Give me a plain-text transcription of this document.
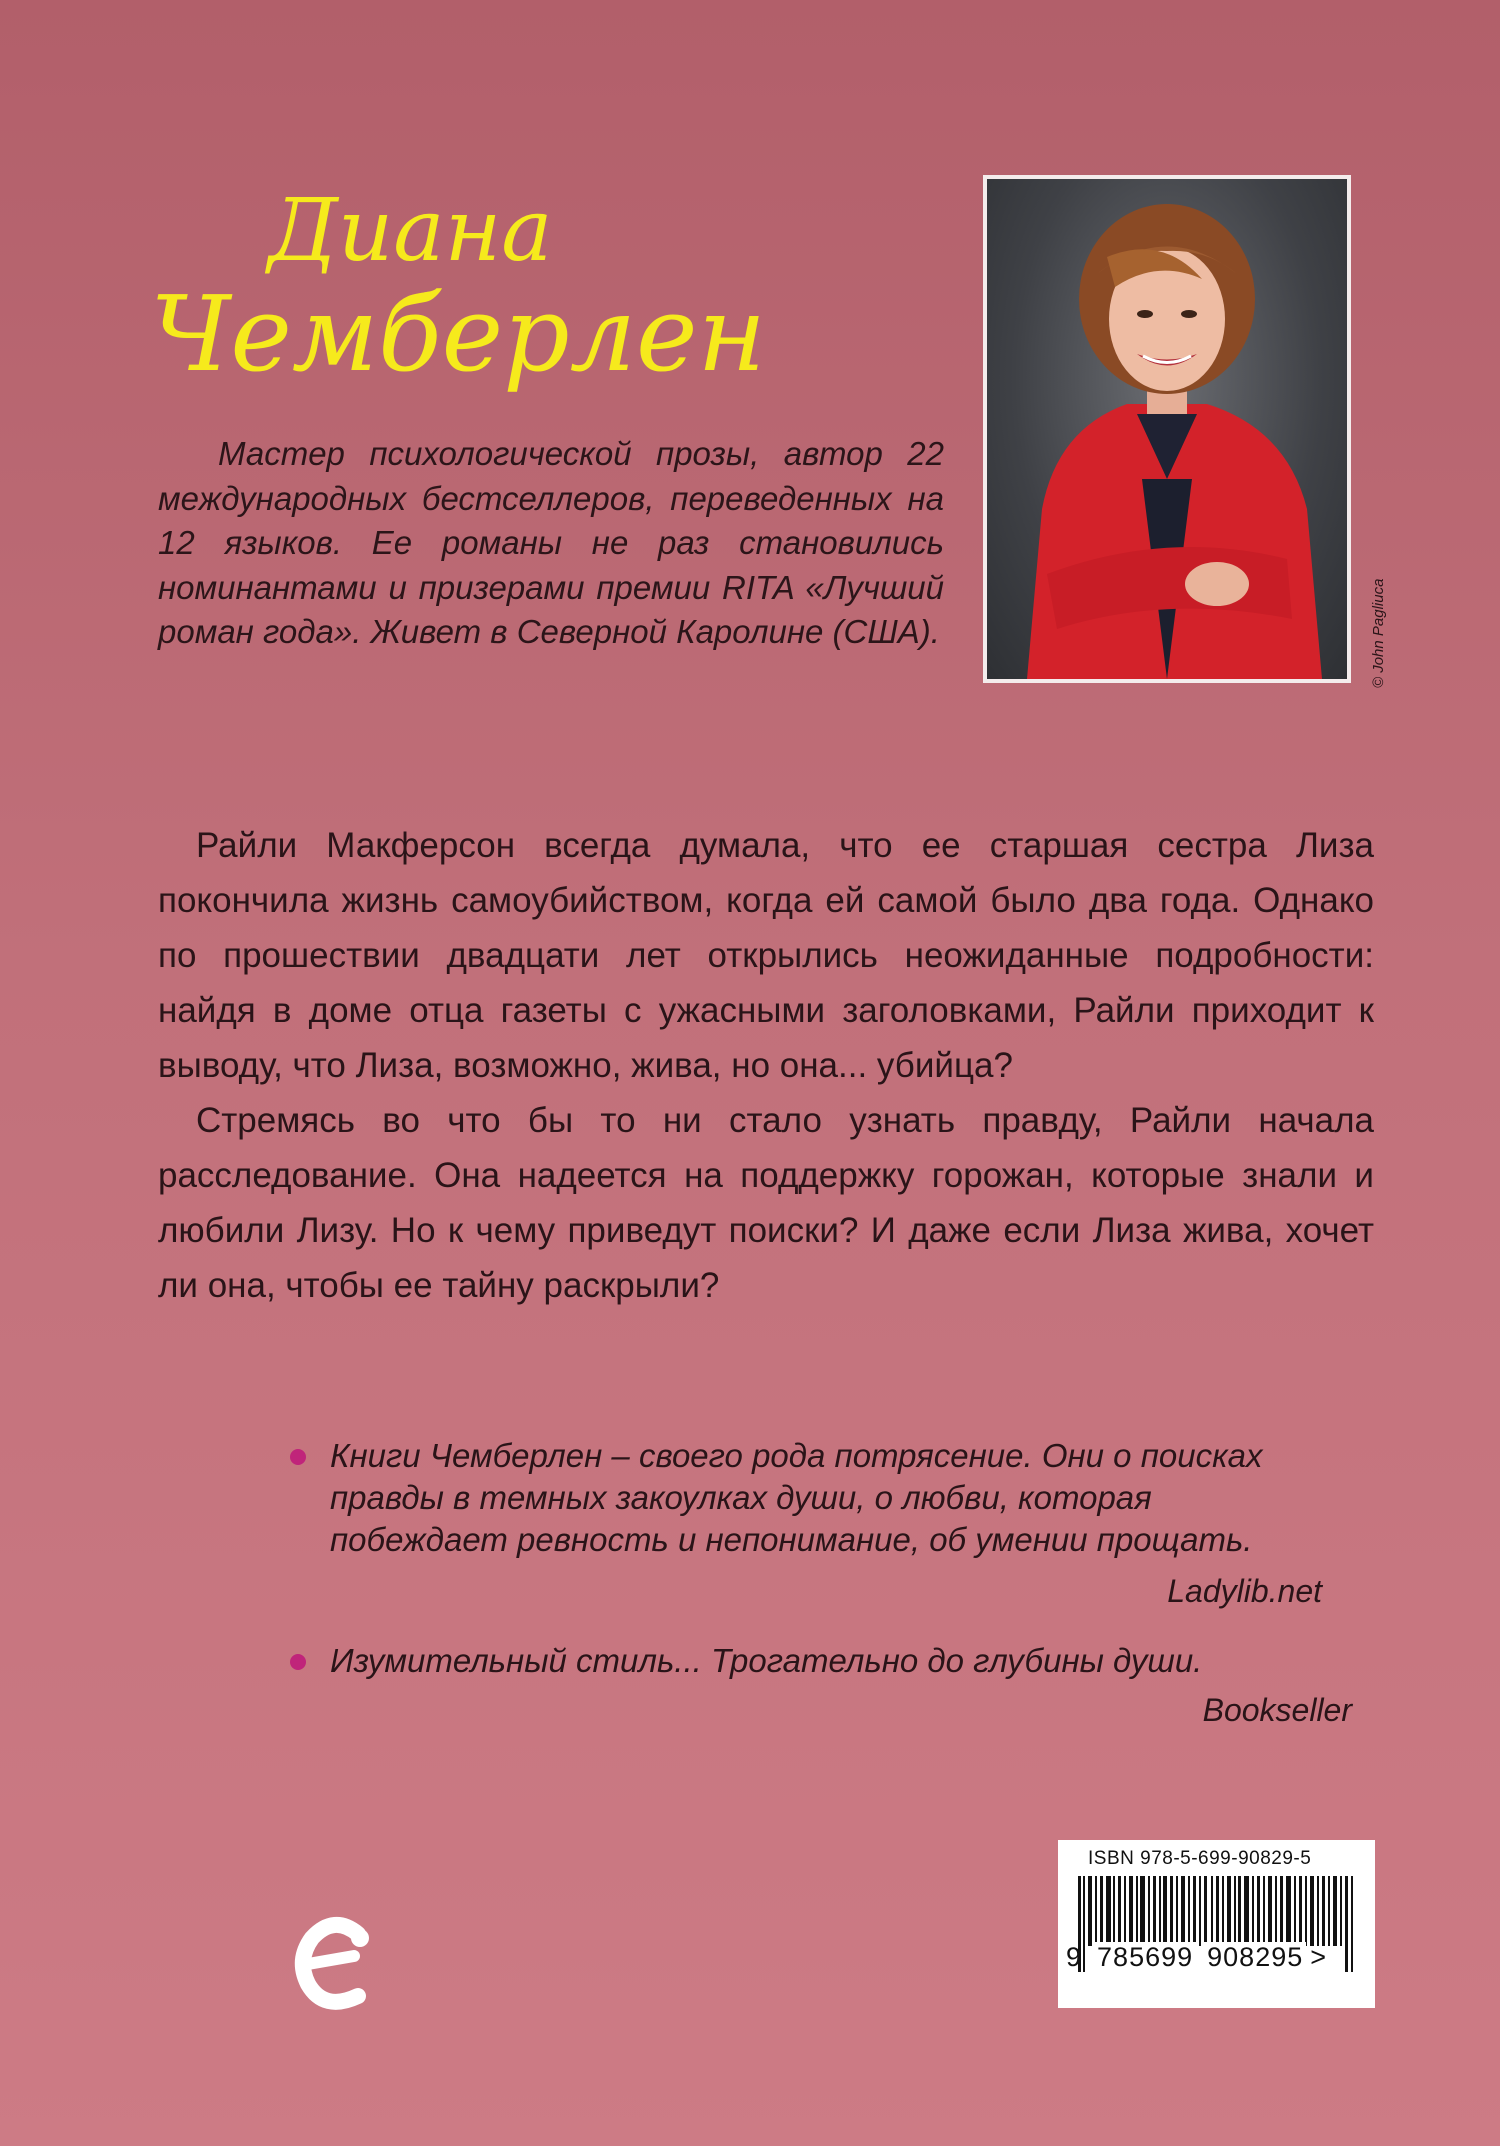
Диана
Чемберлен

Мастер психологической прозы, автор 22 международных бестселлеров, переведенных на 12 языков. Ее романы не раз становились номинантами и призерами премии RITA «Лучший роман года». Живет в Северной Каролине (США).	© John Pagliuca

Райли Макферсон всегда думала, что ее старшая сестра Лиза покончила жизнь самоубийством, когда ей самой было два года. Однако по прошествии двадцати лет открылись неожиданные подробности: найдя в доме отца газеты с ужасными заголовками, Райли приходит к выводу, что Лиза, возможно, жива, но она... убийца?

Стремясь во что бы то ни стало узнать правду, Райли начала расследование. Она надеется на поддержку горожан, которые знали и любили Лизу. Но к чему приведут поиски? И даже если Лиза жива, хочет ли она, чтобы ее тайну раскрыли?

Книги Чемберлен – своего рода потрясение. Они о поисках правды в темных закоулках души, о любви, которая побеждает ревность и непонимание, об умении прощать.
Ladylib.net
Изумительный стиль... Трогательно до глубины души.
Bookseller
ISBN 978-5-699-90829-5
9 785699 908295 >
